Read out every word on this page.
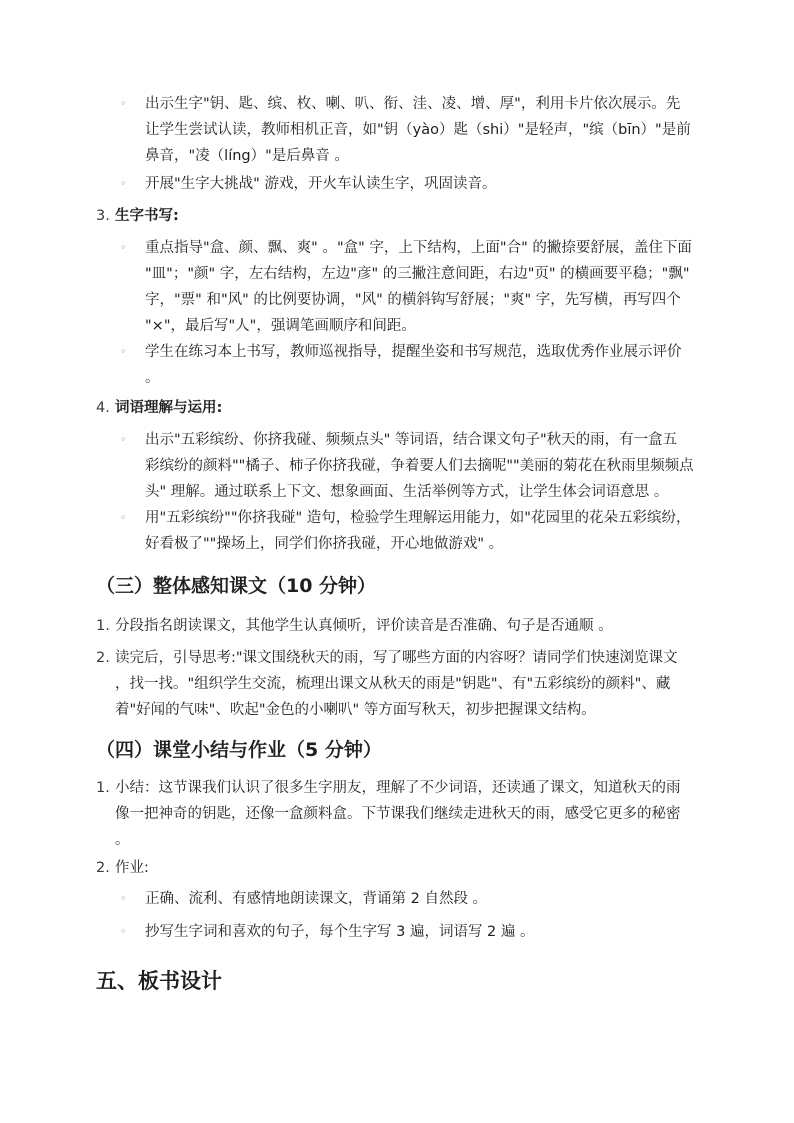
◦ 出示生字"钥、匙、缤、枚、喇、叭、衔、洼、凌、增、厚"，利用卡片依次展示。先
让学生尝试认读，教师相机正音，如"钥（yào）匙（shi）"是轻声，"缤（bīn）"是前
鼻音，"凌（líng）"是后鼻音 。
◦ 开展"生字大挑战" 游戏，开火车认读生字，巩固读音。
3. 生字书写:
◦ 重点指导"盒、颜、飘、爽" 。"盒" 字，上下结构，上面"合" 的撇捺要舒展，盖住下面
"皿"；"颜" 字，左右结构，左边"彦" 的三撇注意间距，右边"页" 的横画要平稳；"飘"
字，"票" 和"风" 的比例要协调，"风" 的横斜钩写舒展；"爽" 字，先写横，再写四个
"×"，最后写"人"，强调笔画顺序和间距。
◦ 学生在练习本上书写，教师巡视指导，提醒坐姿和书写规范，选取优秀作业展示评价
。
4. 词语理解与运用:
◦ 出示"五彩缤纷、你挤我碰、频频点头" 等词语，结合课文句子"秋天的雨，有一盒五
彩缤纷的颜料""橘子、柿子你挤我碰，争着要人们去摘呢""美丽的菊花在秋雨里频频点
头" 理解。通过联系上下文、想象画面、生活举例等方式，让学生体会词语意思 。
◦ 用"五彩缤纷""你挤我碰" 造句，检验学生理解运用能力，如"花园里的花朵五彩缤纷，
好看极了""操场上，同学们你挤我碰，开心地做游戏" 。
（三）整体感知课文（10 分钟）
1. 分段指名朗读课文，其他学生认真倾听，评价读音是否准确、句子是否通顺 。
2. 读完后，引导思考:"课文围绕秋天的雨，写了哪些方面的内容呀？请同学们快速浏览课文
，找一找。"组织学生交流，梳理出课文从秋天的雨是"钥匙"、有"五彩缤纷的颜料"、藏
着"好闻的气味"、吹起"金色的小喇叭" 等方面写秋天，初步把握课文结构。
（四）课堂小结与作业（5 分钟）
1. 小结：这节课我们认识了很多生字朋友，理解了不少词语，还读通了课文，知道秋天的雨
像一把神奇的钥匙，还像一盒颜料盒。下节课我们继续走进秋天的雨，感受它更多的秘密
。
2. 作业:
◦ 正确、流利、有感情地朗读课文，背诵第 2 自然段 。
◦ 抄写生字词和喜欢的句子，每个生字写 3 遍，词语写 2 遍 。
五、板书设计
